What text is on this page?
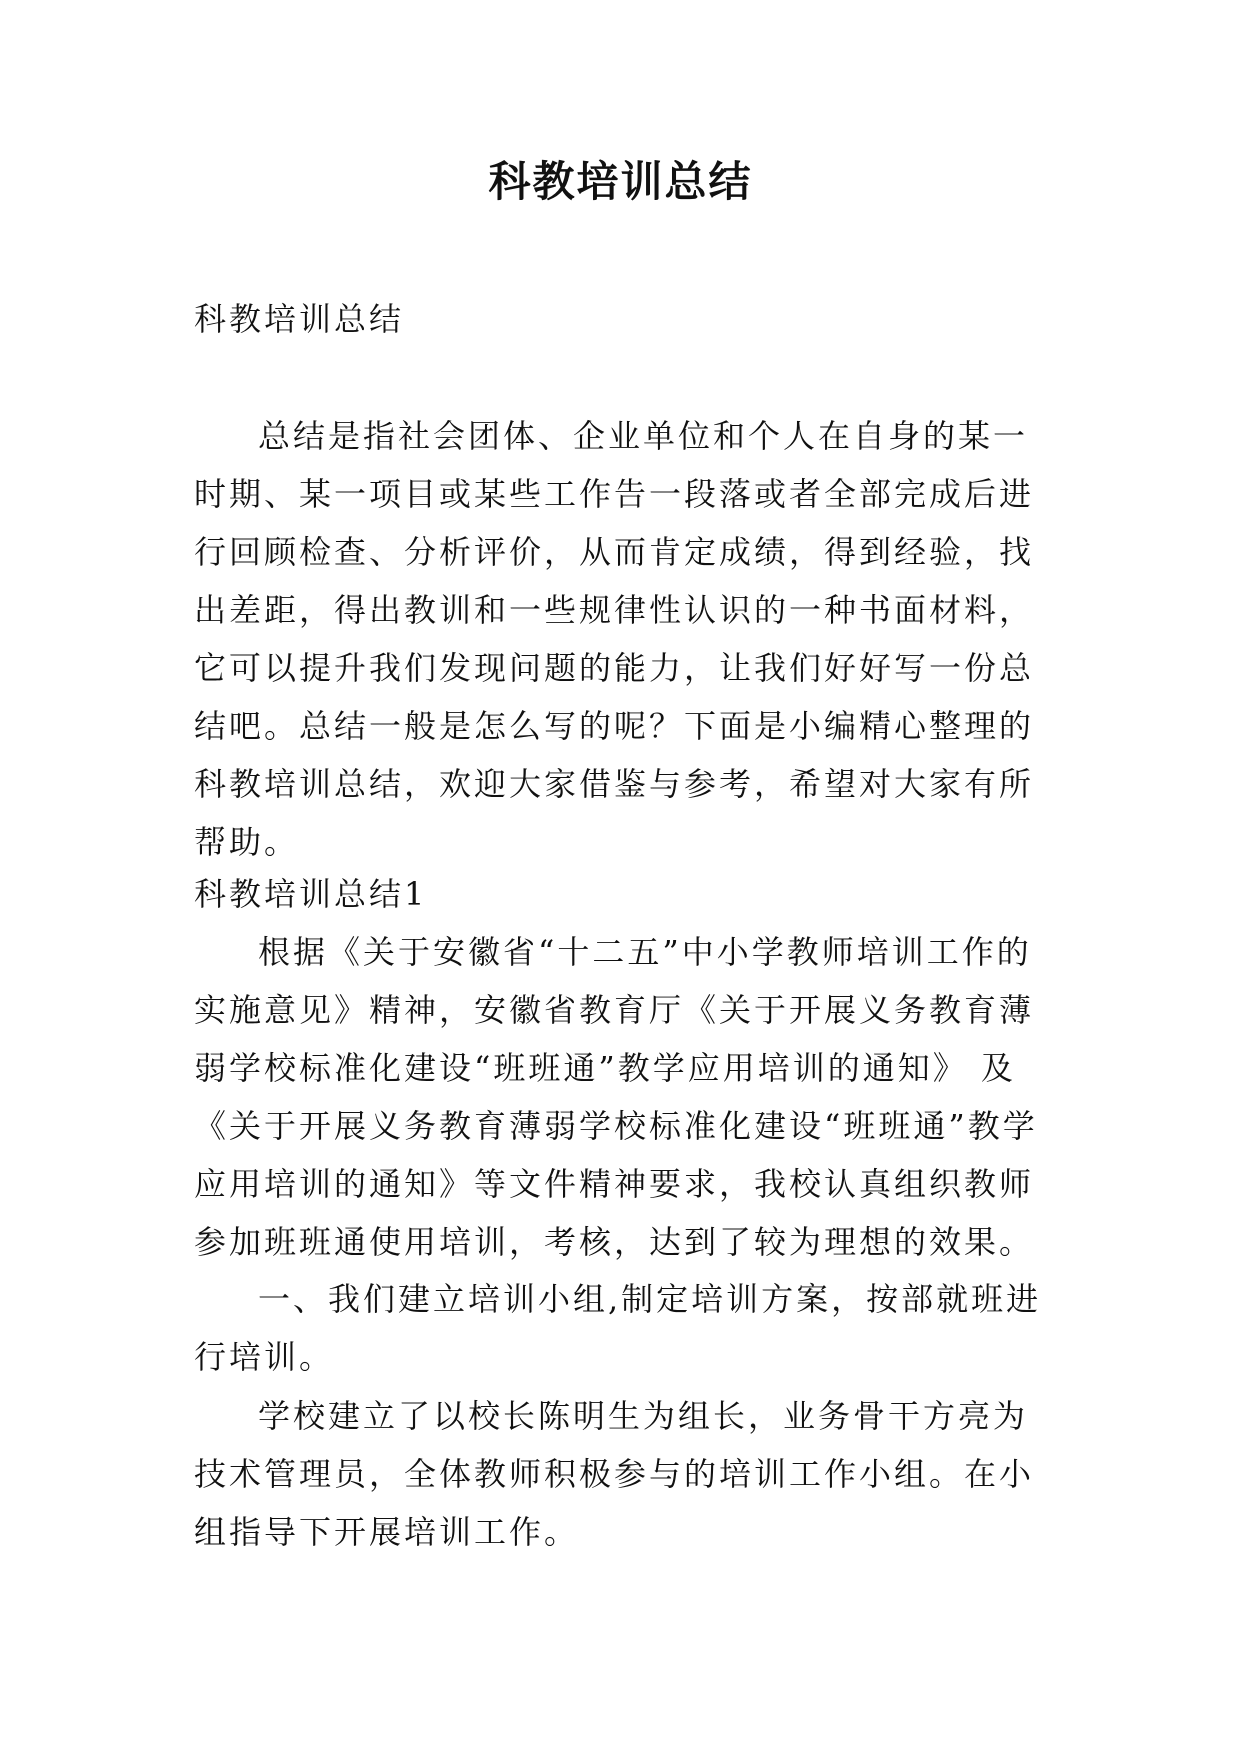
科教培训总结

科教培训总结

总结是指社会团体、企业单位和个人在自身的某一时期、某一项目或某些工作告一段落或者全部完成后进行回顾检查、分析评价，从而肯定成绩，得到经验，找出差距，得出教训和一些规律性认识的一种书面材料，它可以提升我们发现问题的能力，让我们好好写一份总结吧。总结一般是怎么写的呢？下面是小编精心整理的科教培训总结，欢迎大家借鉴与参考，希望对大家有所帮助。

科教培训总结1

根据《关于安徽省“十二五”中小学教师培训工作的实施意见》精神，安徽省教育厅《关于开展义务教育薄弱学校标准化建设“班班通”教学应用培训的通知》 及《关于开展义务教育薄弱学校标准化建设“班班通”教学应用培训的通知》等文件精神要求，我校认真组织教师参加班班通使用培训，考核，达到了较为理想的效果。

一、我们建立培训小组,制定培训方案，按部就班进行培训。

学校建立了以校长陈明生为组长，业务骨干方亮为技术管理员，全体教师积极参与的培训工作小组。在小组指导下开展培训工作。
